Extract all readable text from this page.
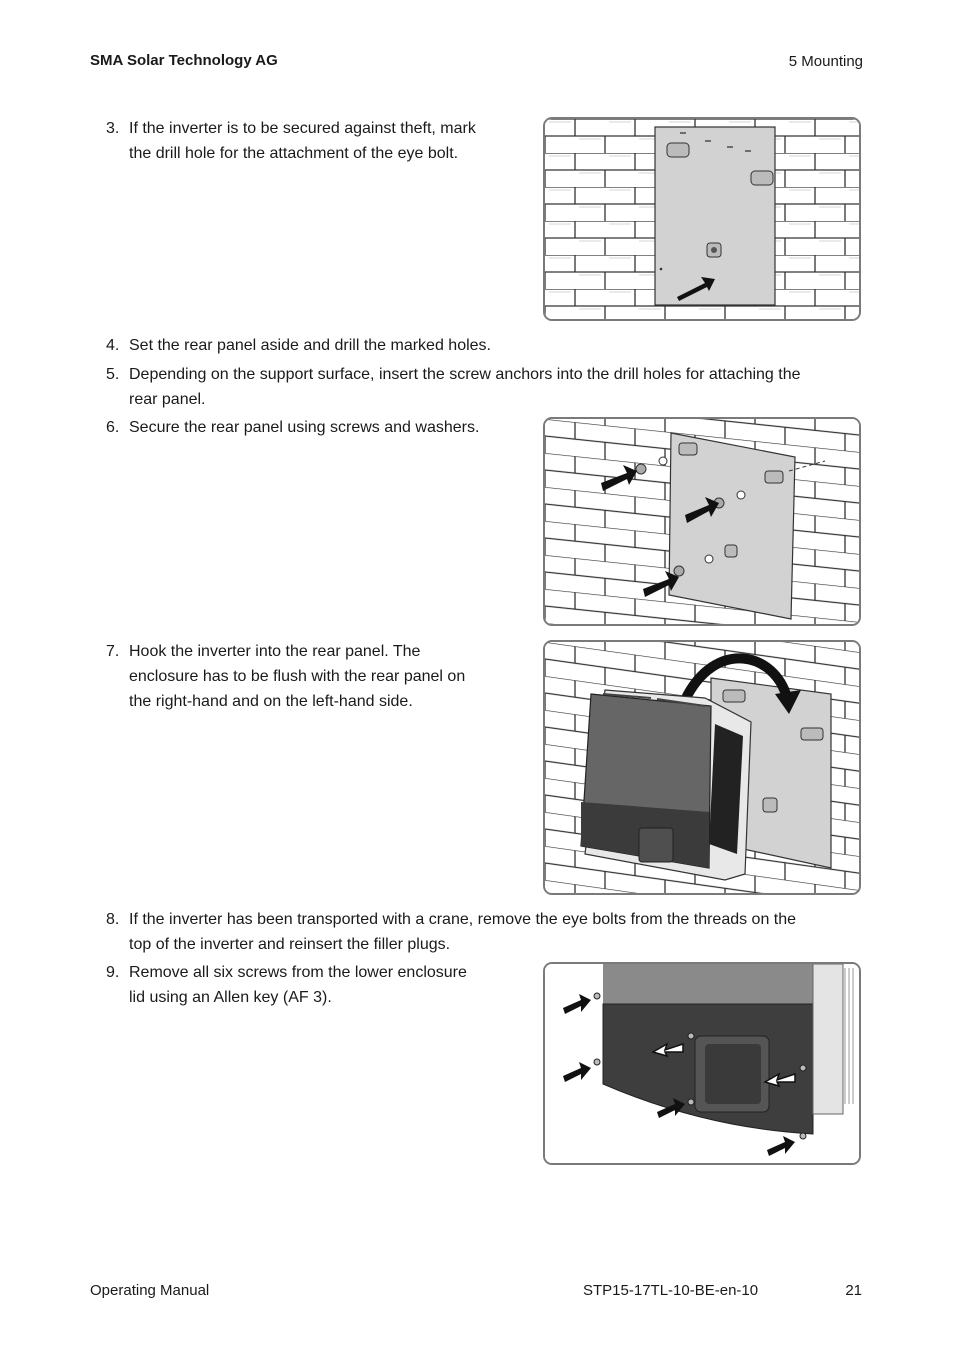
SMA Solar Technology AG	5 Mounting
3. If the inverter is to be secured against theft, mark
the drill hole for the attachment of the eye bolt.
4. Set the rear panel aside and drill the marked holes.
5. Depending on the support surface, insert the screw anchors into the drill holes for attaching the
rear panel.
6. Secure the rear panel using screws and washers.
7. Hook the inverter into the rear panel. The
enclosure has to be flush with the rear panel on
the right-hand and on the left-hand side.
8. If the inverter has been transported with a crane, remove the eye bolts from the threads on the
top of the inverter and reinsert the filler plugs.
9. Remove all six screws from the lower enclosure
lid using an Allen key (AF 3).
Operating Manual	STP15-17TL-10-BE-en-10	21
